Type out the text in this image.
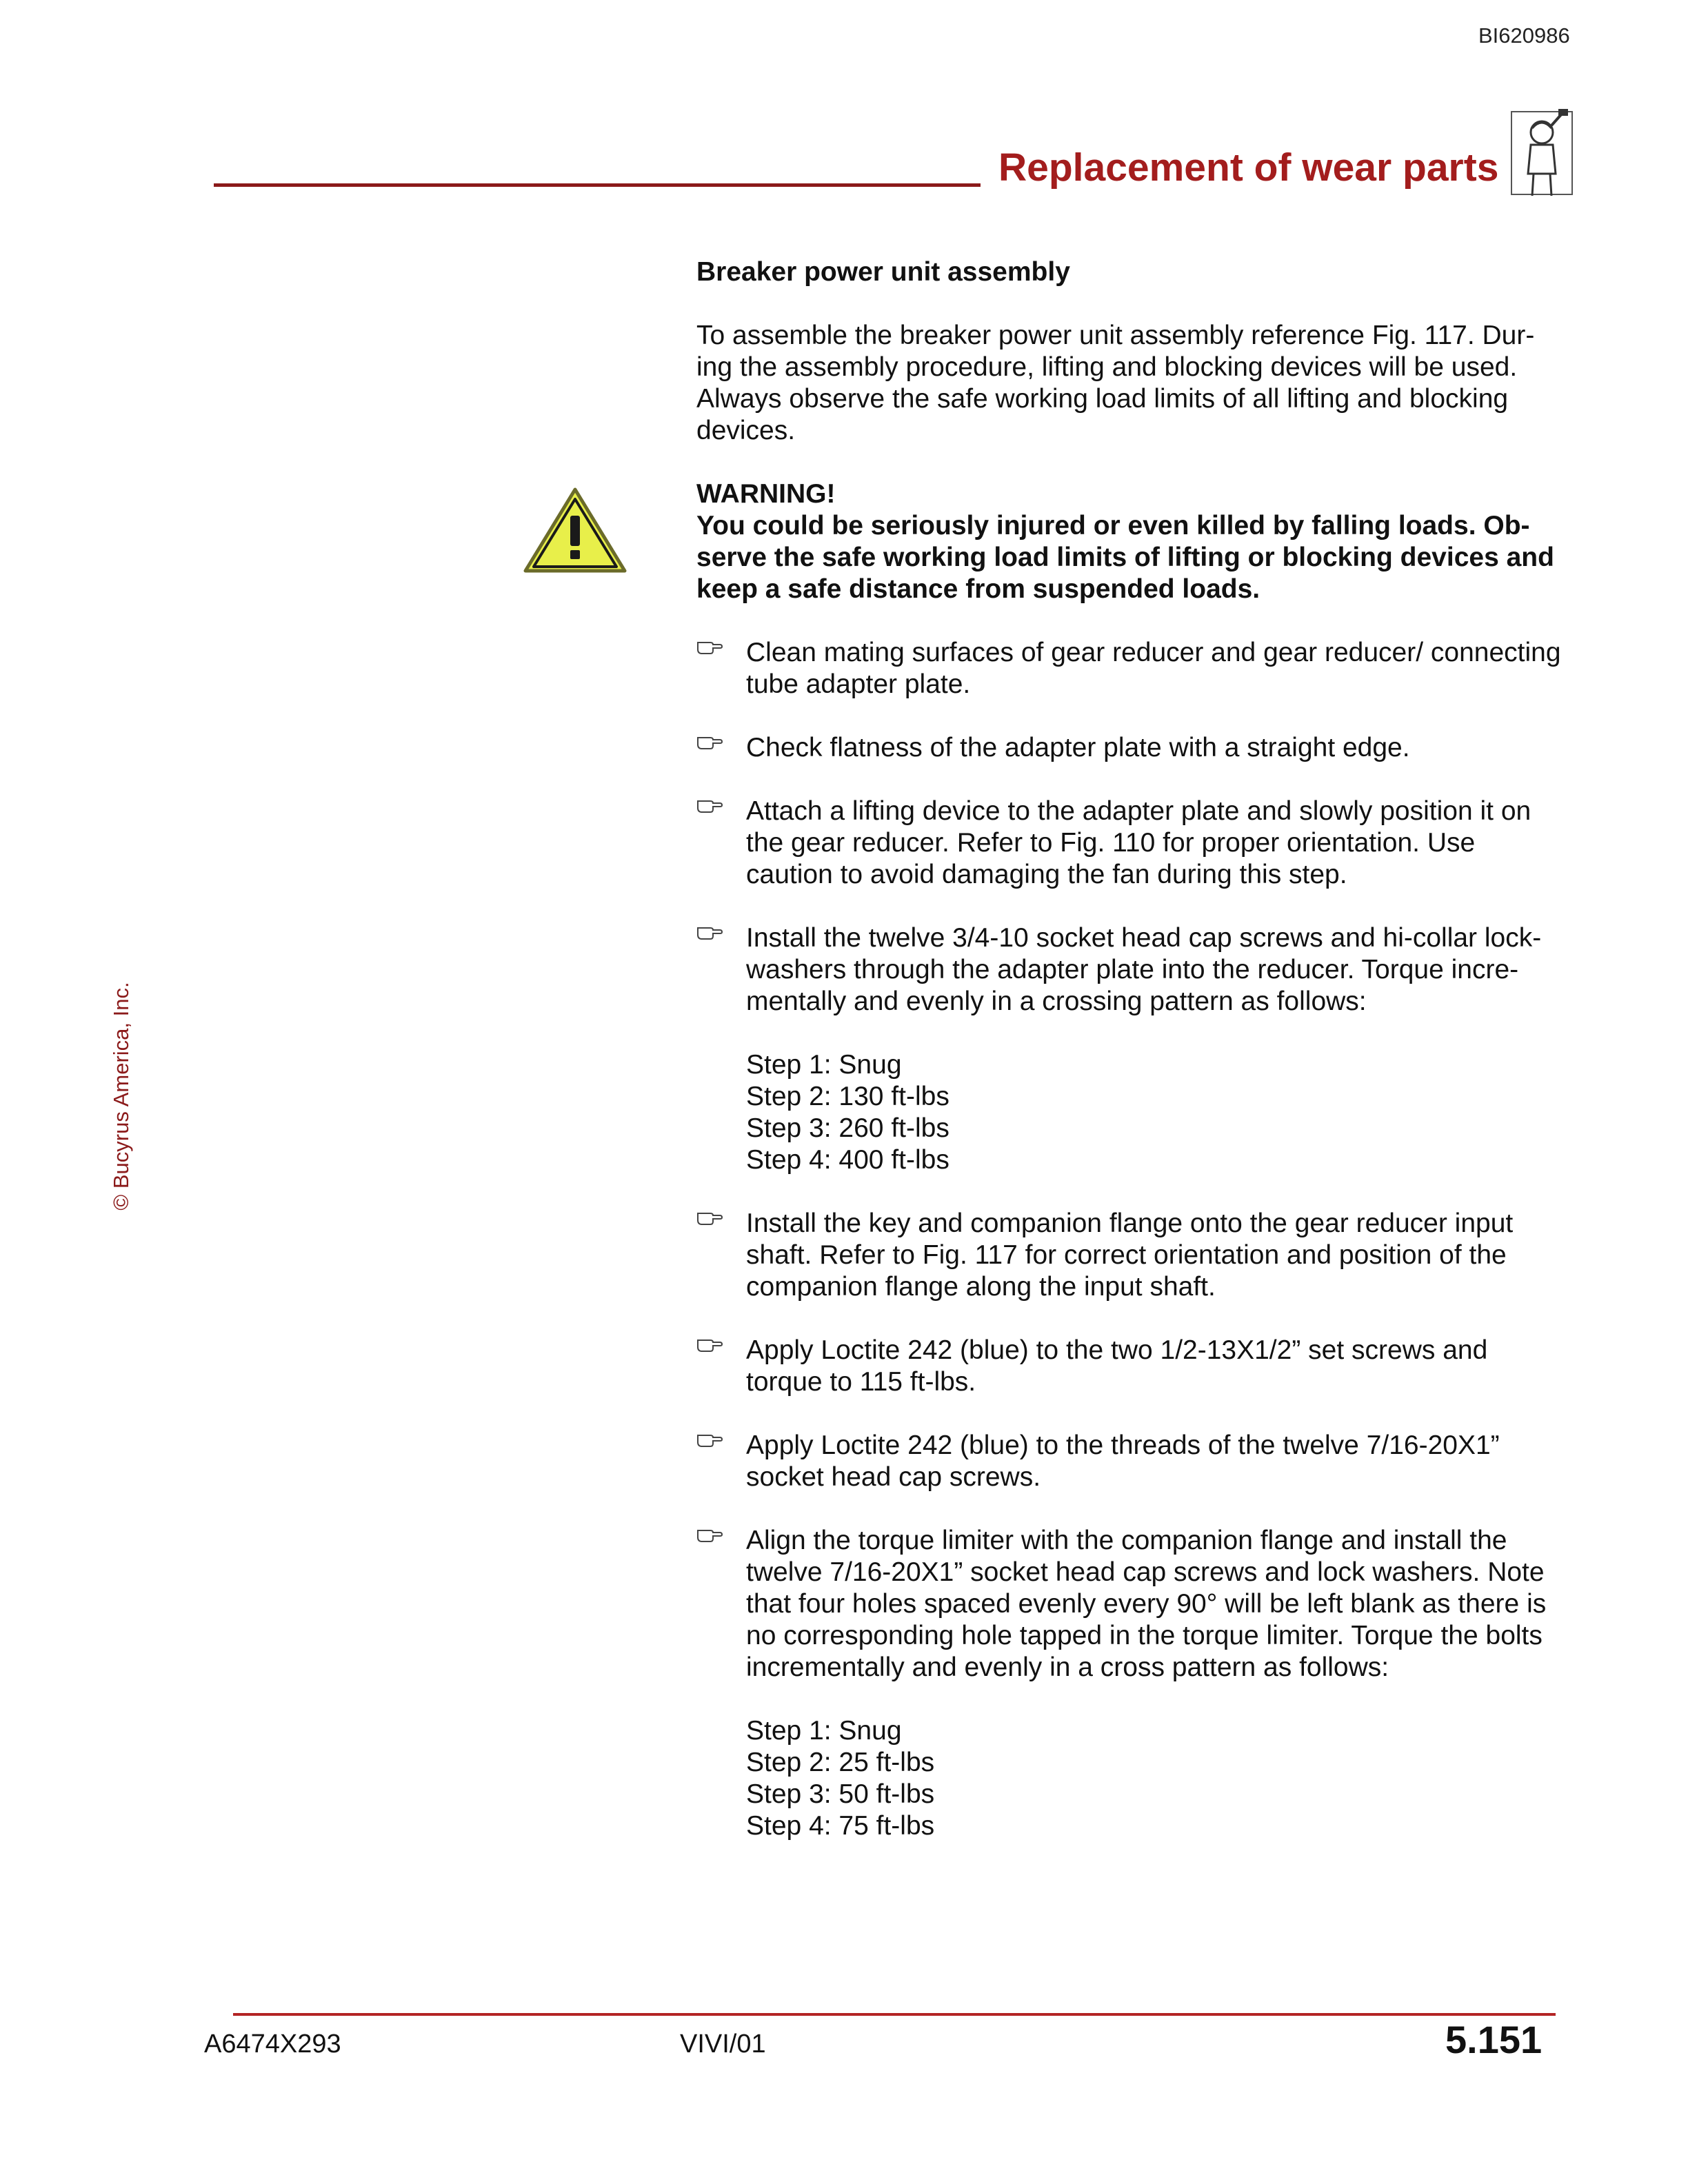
BI620986
Replacement of wear parts
© Bucyrus America, Inc.
Breaker power unit assembly
To assemble the breaker power unit assembly reference Fig. 117. Dur-ing the assembly procedure, lifting and blocking devices will be used. Always observe the safe working load limits of all lifting and blocking devices.
WARNING!
You could be seriously injured or even killed by falling loads. Ob-serve the safe working load limits of lifting or blocking devices and keep a safe distance from suspended loads.
Clean mating surfaces of gear reducer and gear reducer/ connecting tube adapter plate.
Check flatness of the adapter plate with a straight edge.
Attach a lifting device to the adapter plate and slowly position it on the gear reducer. Refer to Fig. 110 for proper orientation. Use caution to avoid damaging the fan during this step.
Install the twelve 3/4-10 socket head cap screws and hi-collar lock-washers through the adapter plate into the reducer. Torque incre-mentally and evenly in a crossing pattern as follows:
Step 1: Snug
Step 2: 130 ft-lbs
Step 3: 260 ft-lbs
Step 4: 400 ft-lbs
Install the key and companion flange onto the gear reducer input shaft. Refer to Fig. 117 for correct orientation and position of the companion flange along the input shaft.
Apply Loctite 242 (blue) to the two 1/2-13X1/2” set screws and torque to 115 ft-lbs.
Apply Loctite 242 (blue) to the threads of the twelve 7/16-20X1” socket head cap screws.
Align the torque limiter with the companion flange and install the twelve 7/16-20X1” socket head cap screws and lock washers. Note that four holes spaced evenly every 90° will be left blank as there is no corresponding hole tapped in the torque limiter. Torque the bolts incrementally and evenly in a cross pattern as follows:
Step 1: Snug
Step 2: 25 ft-lbs
Step 3: 50 ft-lbs
Step 4: 75 ft-lbs
A6474X293	VIVI/01	5.151
